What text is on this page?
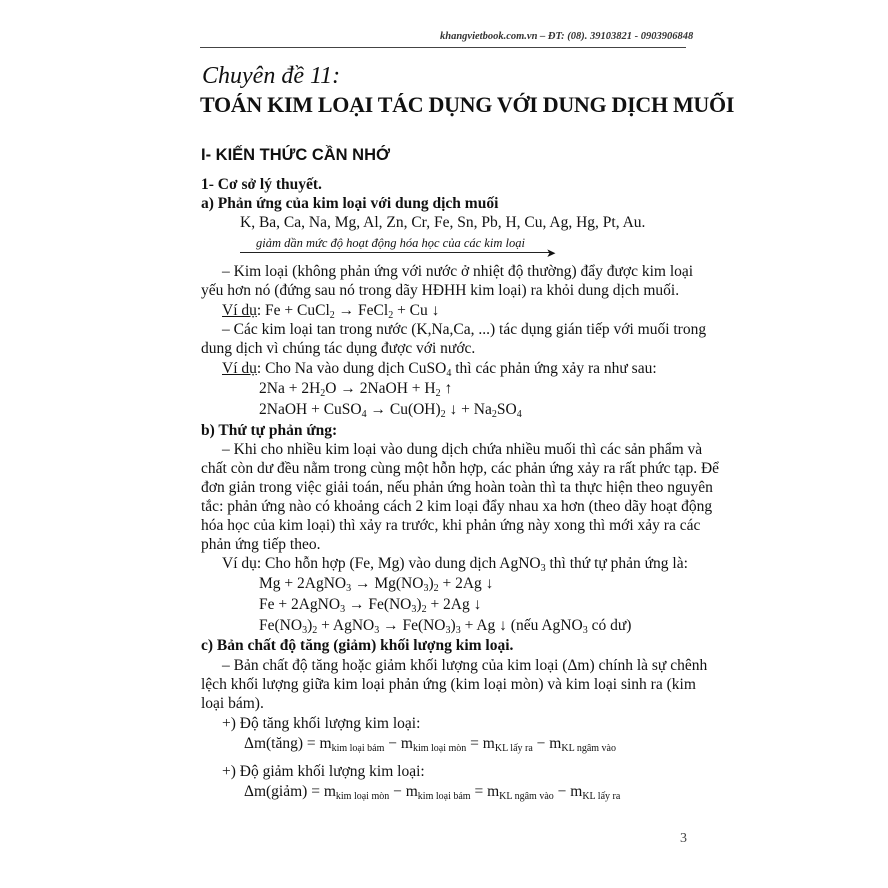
khangvietbook.com.vn – ĐT: (08). 39103821 - 0903906848
Chuyên đề 11:
TOÁN KIM LOẠI TÁC DỤNG VỚI DUNG DỊCH MUỐI
I- KIẾN THỨC CẦN NHỚ
1- Cơ sở lý thuyết.
a) Phản ứng của kim loại với dung dịch muối
K, Ba, Ca, Na, Mg, Al, Zn, Cr, Fe, Sn, Pb, H, Cu, Ag, Hg, Pt, Au.
giảm dần mức độ hoạt động hóa học của các kim loại
➤
– Kim loại (không phản ứng với nước ở nhiệt độ thường) đẩy được kim loại
yếu hơn nó (đứng sau nó trong dãy HĐHH kim loại) ra khỏi dung dịch muối.
Ví dụ: Fe + CuCl$_2$ → FeCl$_2$ + Cu ↓
– Các kim loại tan trong nước (K,Na,Ca, ...) tác dụng gián tiếp với muối trong
dung dịch vì chúng tác dụng được với nước.
Ví dụ: Cho Na vào dung dịch CuSO$_4$ thì các phản ứng xảy ra như sau:
$2Na + 2H_2O$ → 2NaOH + $H_2$ ↑
2NaOH + CuSO$_4$ → $Cu(OH)_2$ ↓ + $Na_2SO_4$
b) Thứ tự phản ứng:
– Khi cho nhiều kim loại vào dung dịch chứa nhiều muối thì các sản phẩm và
chất còn dư đều nằm trong cùng một hỗn hợp, các phản ứng xảy ra rất phức tạp. Để
đơn giản trong việc giải toán, nếu phản ứng hoàn toàn thì ta thực hiện theo nguyên
tắc: phản ứng nào có khoảng cách 2 kim loại đẩy nhau xa hơn (theo dãy hoạt động
hóa học của kim loại) thì xảy ra trước, khi phản ứng này xong thì mới xảy ra các
phản ứng tiếp theo.
Ví dụ: Cho hỗn hợp (Fe, Mg) vào dung dịch AgNO$_3$ thì thứ tự phản ứng là:
Mg + 2AgNO$_3$ → $Mg(NO_3)_2 + 2Ag$ ↓
Fe + 2AgNO$_3$ → $Fe(NO_3)_2 + 2Ag$ ↓
$Fe(NO_3)_2$ + AgNO$_3$ → $Fe(NO_3)_3 + Ag$ ↓ (nếu AgNO$_3$ có dư)
c) Bản chất độ tăng (giảm) khối lượng kim loại.
– Bản chất độ tăng hoặc giảm khối lượng của kim loại (Δm) chính là sự chênh
lệch khối lượng giữa kim loại phản ứng (kim loại mòn) và kim loại sinh ra (kim
loại bám).
+) Độ tăng khối lượng kim loại:
Δm(tăng) = $m_{kim loại bám} - m_{kim loại mòn} = m_{KL lấy ra} - m_{KL ngâm vào}$
+) Độ giảm khối lượng kim loại:
Δm(giảm) = $m_{kim loại mòn} - m_{kim loại bám} = m_{KL ngâm vào} - m_{KL lấy ra}$
3
